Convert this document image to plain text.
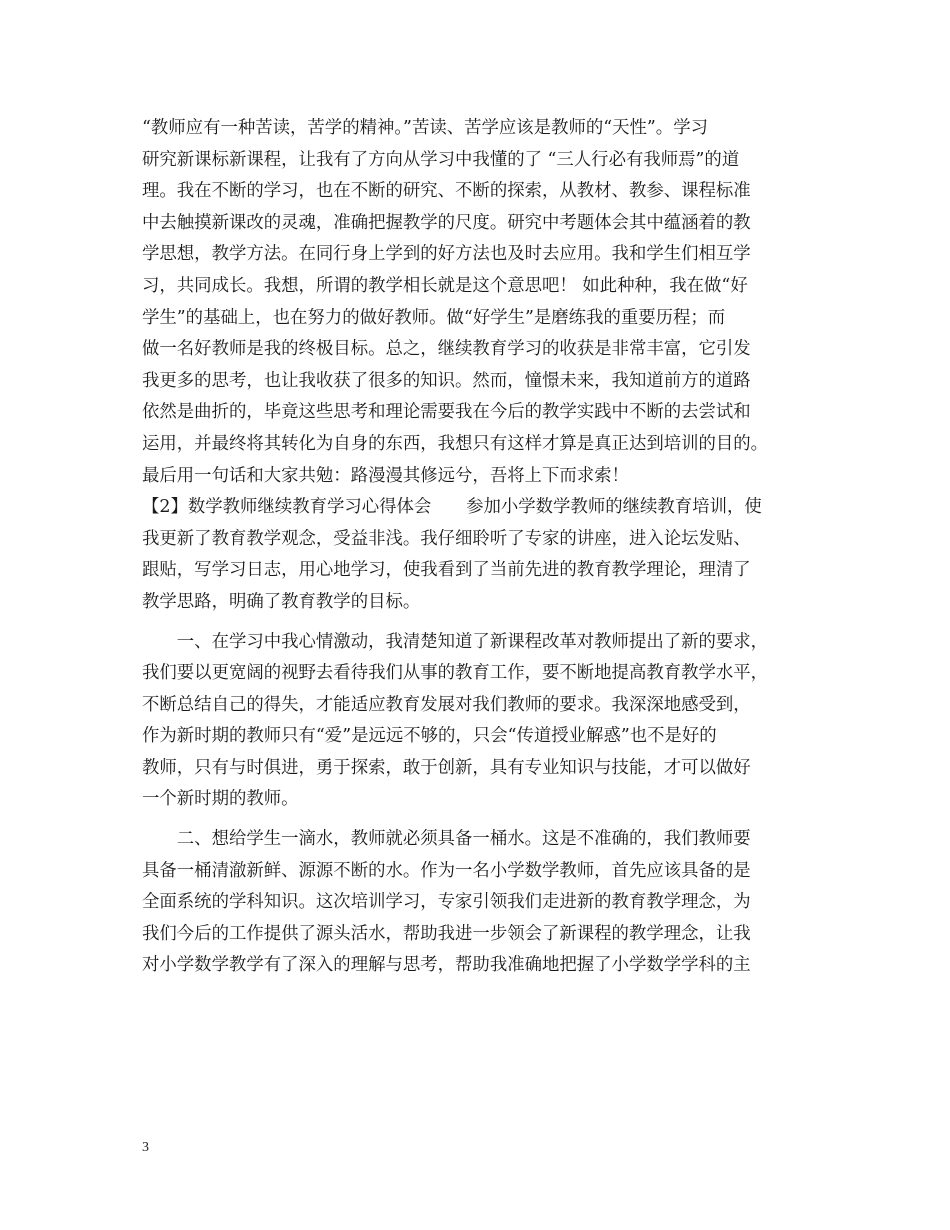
“教师应有一种苦读，苦学的精神。”苦读、苦学应该是教师的“天性”。学习
研究新课标新课程，让我有了方向从学习中我懂的了 “三人行必有我师焉”的道
理。我在不断的学习，也在不断的研究、不断的探索，从教材、教参、课程标准
中去触摸新课改的灵魂，准确把握教学的尺度。研究中考题体会其中蕴涵着的教
学思想，教学方法。在同行身上学到的好方法也及时去应用。我和学生们相互学
习，共同成长。我想，所谓的教学相长就是这个意思吧！ 如此种种，我在做“好
学生”的基础上，也在努力的做好教师。做“好学生”是磨练我的重要历程；而
做一名好教师是我的终极目标。总之，继续教育学习的收获是非常丰富，它引发
我更多的思考，也让我收获了很多的知识。然而，憧憬未来，我知道前方的道路
依然是曲折的，毕竟这些思考和理论需要我在今后的教学实践中不断的去尝试和
运用，并最终将其转化为自身的东西，我想只有这样才算是真正达到培训的目的。
最后用一句话和大家共勉：路漫漫其修远兮，吾将上下而求索！
【2】数学教师继续教育学习心得体会　　参加小学数学教师的继续教育培训，使
我更新了教育教学观念，受益非浅。我仔细聆听了专家的讲座，进入论坛发贴、
跟贴，写学习日志，用心地学习，使我看到了当前先进的教育教学理论，理清了
教学思路，明确了教育教学的目标。
　　一、在学习中我心情激动，我清楚知道了新课程改革对教师提出了新的要求，
我们要以更宽阔的视野去看待我们从事的教育工作，要不断地提高教育教学水平，
不断总结自己的得失，才能适应教育发展对我们教师的要求。我深深地感受到，
作为新时期的教师只有“爱”是远远不够的，只会“传道授业解惑”也不是好的
教师，只有与时俱进，勇于探索，敢于创新，具有专业知识与技能，才可以做好
一个新时期的教师。
　　二、想给学生一滴水，教师就必须具备一桶水。这是不准确的，我们教师要
具备一桶清澈新鲜、源源不断的水。作为一名小学数学教师，首先应该具备的是
全面系统的学科知识。这次培训学习，专家引领我们走进新的教育教学理念，为
我们今后的工作提供了源头活水，帮助我进一步领会了新课程的教学理念，让我
对小学数学教学有了深入的理解与思考，帮助我准确地把握了小学数学学科的主
3
